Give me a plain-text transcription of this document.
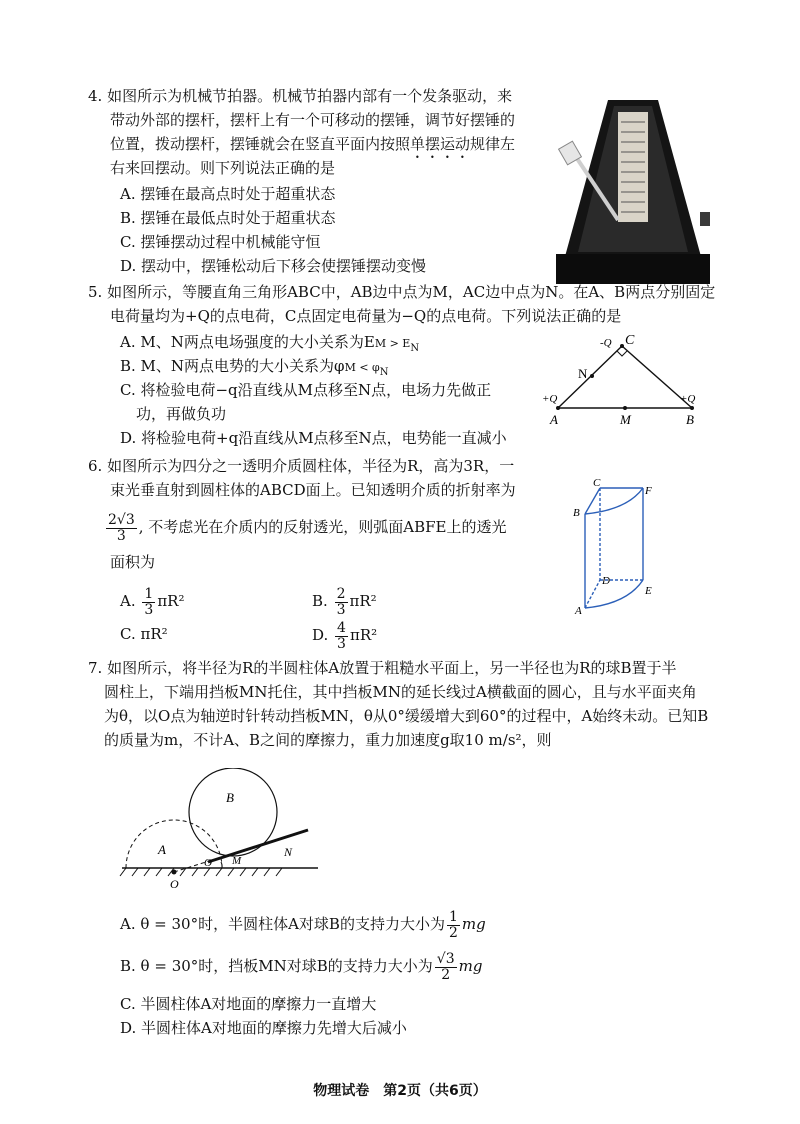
4. 如图所示为机械节拍器。机械节拍器内部有一个发条驱动，来
带动外部的摆杆，摆杆上有一个可移动的摆锤，调节好摆锤的
位置，拨动摆杆，摆锤就会在竖直平面内按照单摆运动规律左
右来回摆动。则下列说法正确的是
A. 摆锤在最高点时处于超重状态
B. 摆锤在最低点时处于超重状态
C. 摆锤摆动过程中机械能守恒
D. 摆动中，摆锤松动后下移会使摆锤摆动变慢
5. 如图所示，等腰直角三角形ABC中，AB边中点为M，AC边中点为N。在A、B两点分别固定
电荷量均为+Q的点电荷，C点固定电荷量为−Q的点电荷。下列说法正确的是
A. M、N两点电场强度的大小关系为EM > $E_N$
B. M、N两点电势的大小关系为$\varphi M < \varphi_N$
C. 将检验电荷−q沿直线从M点移至N点，电场力先做正
功，再做负功
D. 将检验电荷+q沿直线从M点移至N点，电势能一直减小
C
-Q
N
+Q	+Q
A	M	B
6. 如图所示为四分之一透明介质圆柱体，半径为R，高为3R，一
束光垂直射到圆柱体的ABCD面上。已知透明介质的折射率为
$\frac{2√3}{3}$ , 不考虑光在介质内的反射透光，则弧面ABFE上的透光
面积为
A. $\frac{1}{3} \pi R^2$	B. $\frac{2}{3} \pi R^2$
C. πR²	D. $\frac{4}{3} \pi R^2$
C
F
B
D
E
A
7. 如图所示，将半径为R的半圆柱体A放置于粗糙水平面上，另一半径也为R的球B置于半
圆柱上，下端用挡板MN托住，其中挡板MN的延长线过A横截面的圆心，且与水平面夹角
为θ，以O点为轴逆时针转动挡板MN，θ从0°缓缓增大到60°的过程中，A始终未动。已知B
的质量为m，不计A、B之间的摩擦力，重力加速度g取10 m/s²，则
A
B
O
O M
N
A. θ = 30°时，半圆柱体A对球B的支持力大小为 $\frac{1}{2}$ mg
B. θ = 30°时，挡板MN对球B的支持力大小为 $\frac{√3}{2}$ mg
C. 半圆柱体A对地面的摩擦力一直增大
D. 半圆柱体A对地面的摩擦力先增大后减小
物理试卷　第2页（共6页）
